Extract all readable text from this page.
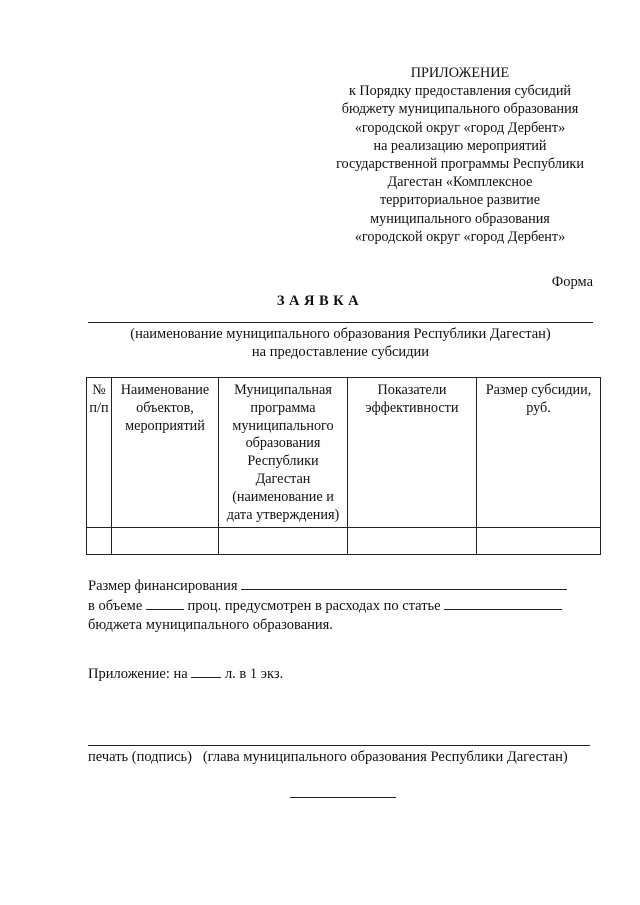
ПРИЛОЖЕНИЕ
к Порядку предоставления субсидий
бюджету муниципального образования
«городской округ «город Дербент»
на реализацию мероприятий
государственной программы Республики
Дагестан «Комплексное
территориальное развитие
муниципального образования
«городской округ «город Дербент»
Форма
ЗАЯВКА
(наименование муниципального образования Республики Дагестан)
на предоставление субсидии
№ п/п	Наименование объектов, мероприятий	Муниципальная программа муниципального образования Республики Дагестан (наименование и дата утверждения)	Показатели эффективности	Размер субсидии, руб.

Размер финансирования
в объеме	проц. предусмотрен в расходах по статье
бюджета муниципального образования.
Приложение: на	л. в 1 экз.
печать (подпись)   (глава муниципального образования Республики Дагестан)
